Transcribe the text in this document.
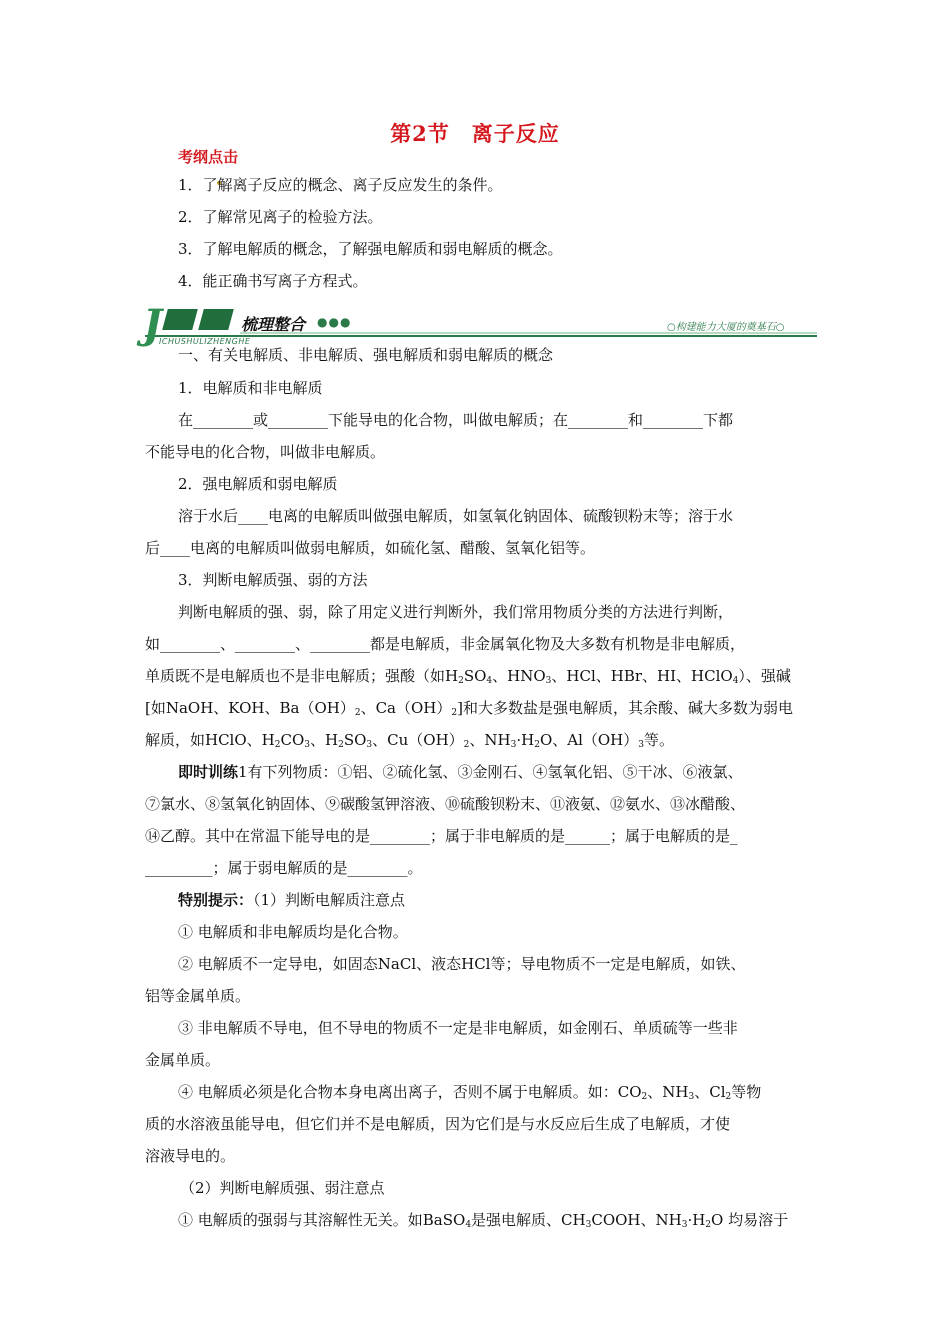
第2节　离子反应
考纲点击
1．了解离子反应的概念、离子反应发生的条件。
2．了解常见离子的检验方法。
3．了解电解质的概念，了解强电解质和弱电解质的概念。
4．能正确书写离子方程式。
J	梳理整合 ●●●	○构建能力大厦的奠基石○
ICHUSHULIZHENGHE
一、有关电解质、非电解质、强电解质和弱电解质的概念
1．电解质和非电解质
在________或________下能导电的化合物，叫做电解质；在________和________下都
不能导电的化合物，叫做非电解质。
2．强电解质和弱电解质
溶于水后____电离的电解质叫做强电解质，如氢氧化钠固体、硫酸钡粉末等；溶于水
后____电离的电解质叫做弱电解质，如硫化氢、醋酸、氢氧化铝等。
3．判断电解质强、弱的方法
判断电解质的强、弱，除了用定义进行判断外，我们常用物质分类的方法进行判断，
如________、________、________都是电解质，非金属氧化物及大多数有机物是非电解质，
单质既不是电解质也不是非电解质；强酸（如$H_2SO_4$、$HNO_3$、HCl、HBr、HI、HClO$_4$）、强碱
[如NaOH、KOH、$Ba(OH)_2$、$Ca(OH)_2$]和大多数盐是强电解质，其余酸、碱大多数为弱电
解质，如HClO、$H_2CO_3$、$H_2SO_3$、$Cu(OH)_2$、$NH_3\cdot H_2O$、$Al(OH)_3$等。
即时训练1有下列物质：①铝、②硫化氢、③金刚石、④氢氧化铝、⑤干冰、⑥液氯、
⑦氯水、⑧氢氧化钠固体、⑨碳酸氢钾溶液、⑩硫酸钡粉末、⑪液氨、⑫氨水、⑬冰醋酸、
⑭乙醇。其中在常温下能导电的是________；属于非电解质的是______；属于电解质的是_
_________；属于弱电解质的是________。
特别提示：（1）判断电解质注意点
① 电解质和非电解质均是化合物。
② 电解质不一定导电，如固态NaCl、液态HCl等；导电物质不一定是电解质，如铁、
铝等金属单质。
③ 非电解质不导电，但不导电的物质不一定是非电解质，如金刚石、单质硫等一些非
金属单质。
④ 电解质必须是化合物本身电离出离子，否则不属于电解质。如：$CO_2$、$NH_3$、$Cl_2$等物
质的水溶液虽能导电，但它们并不是电解质，因为它们是与水反应后生成了电解质，才使
溶液导电的。
（2）判断电解质强、弱注意点
① 电解质的强弱与其溶解性无关。如BaSO$_4$是强电解质、$CH_3COOH$、$NH_3\cdot H_2O$ 均易溶于
